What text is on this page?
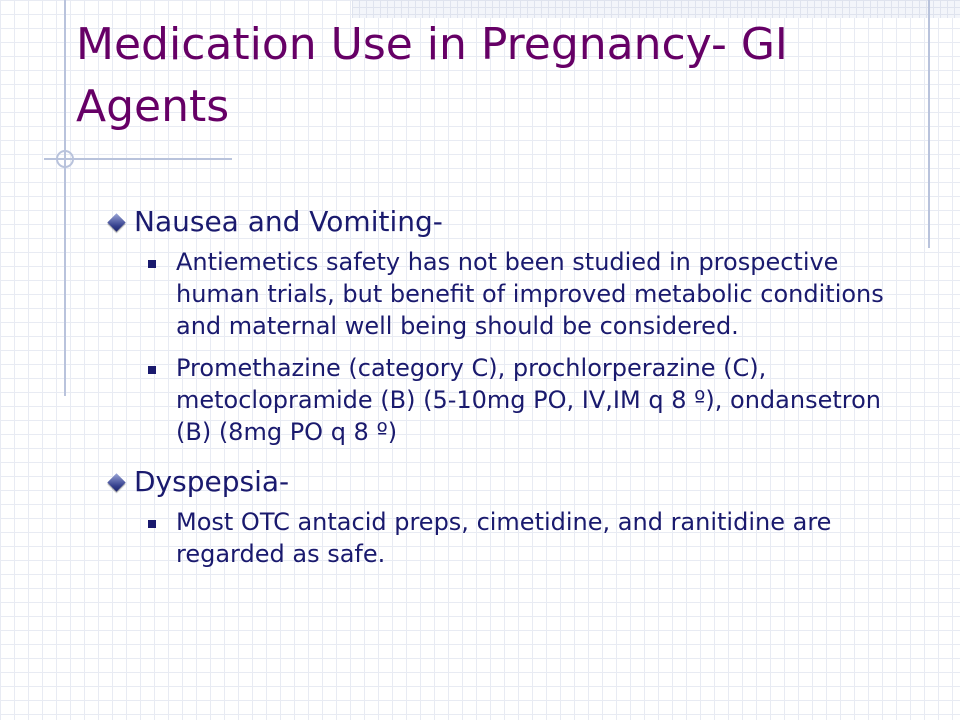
Medication Use in Pregnancy- GI Agents
Nausea and Vomiting-
Antiemetics safety has not been studied in prospective human trials, but benefit of improved metabolic conditions and maternal well being should be considered.
Promethazine (category C), prochlorperazine (C), metoclopramide (B) (5-10mg PO, IV,IM q 8 º), ondansetron (B) (8mg PO q 8 º)
Dyspepsia-
Most OTC antacid preps, cimetidine, and ranitidine are regarded as safe.
